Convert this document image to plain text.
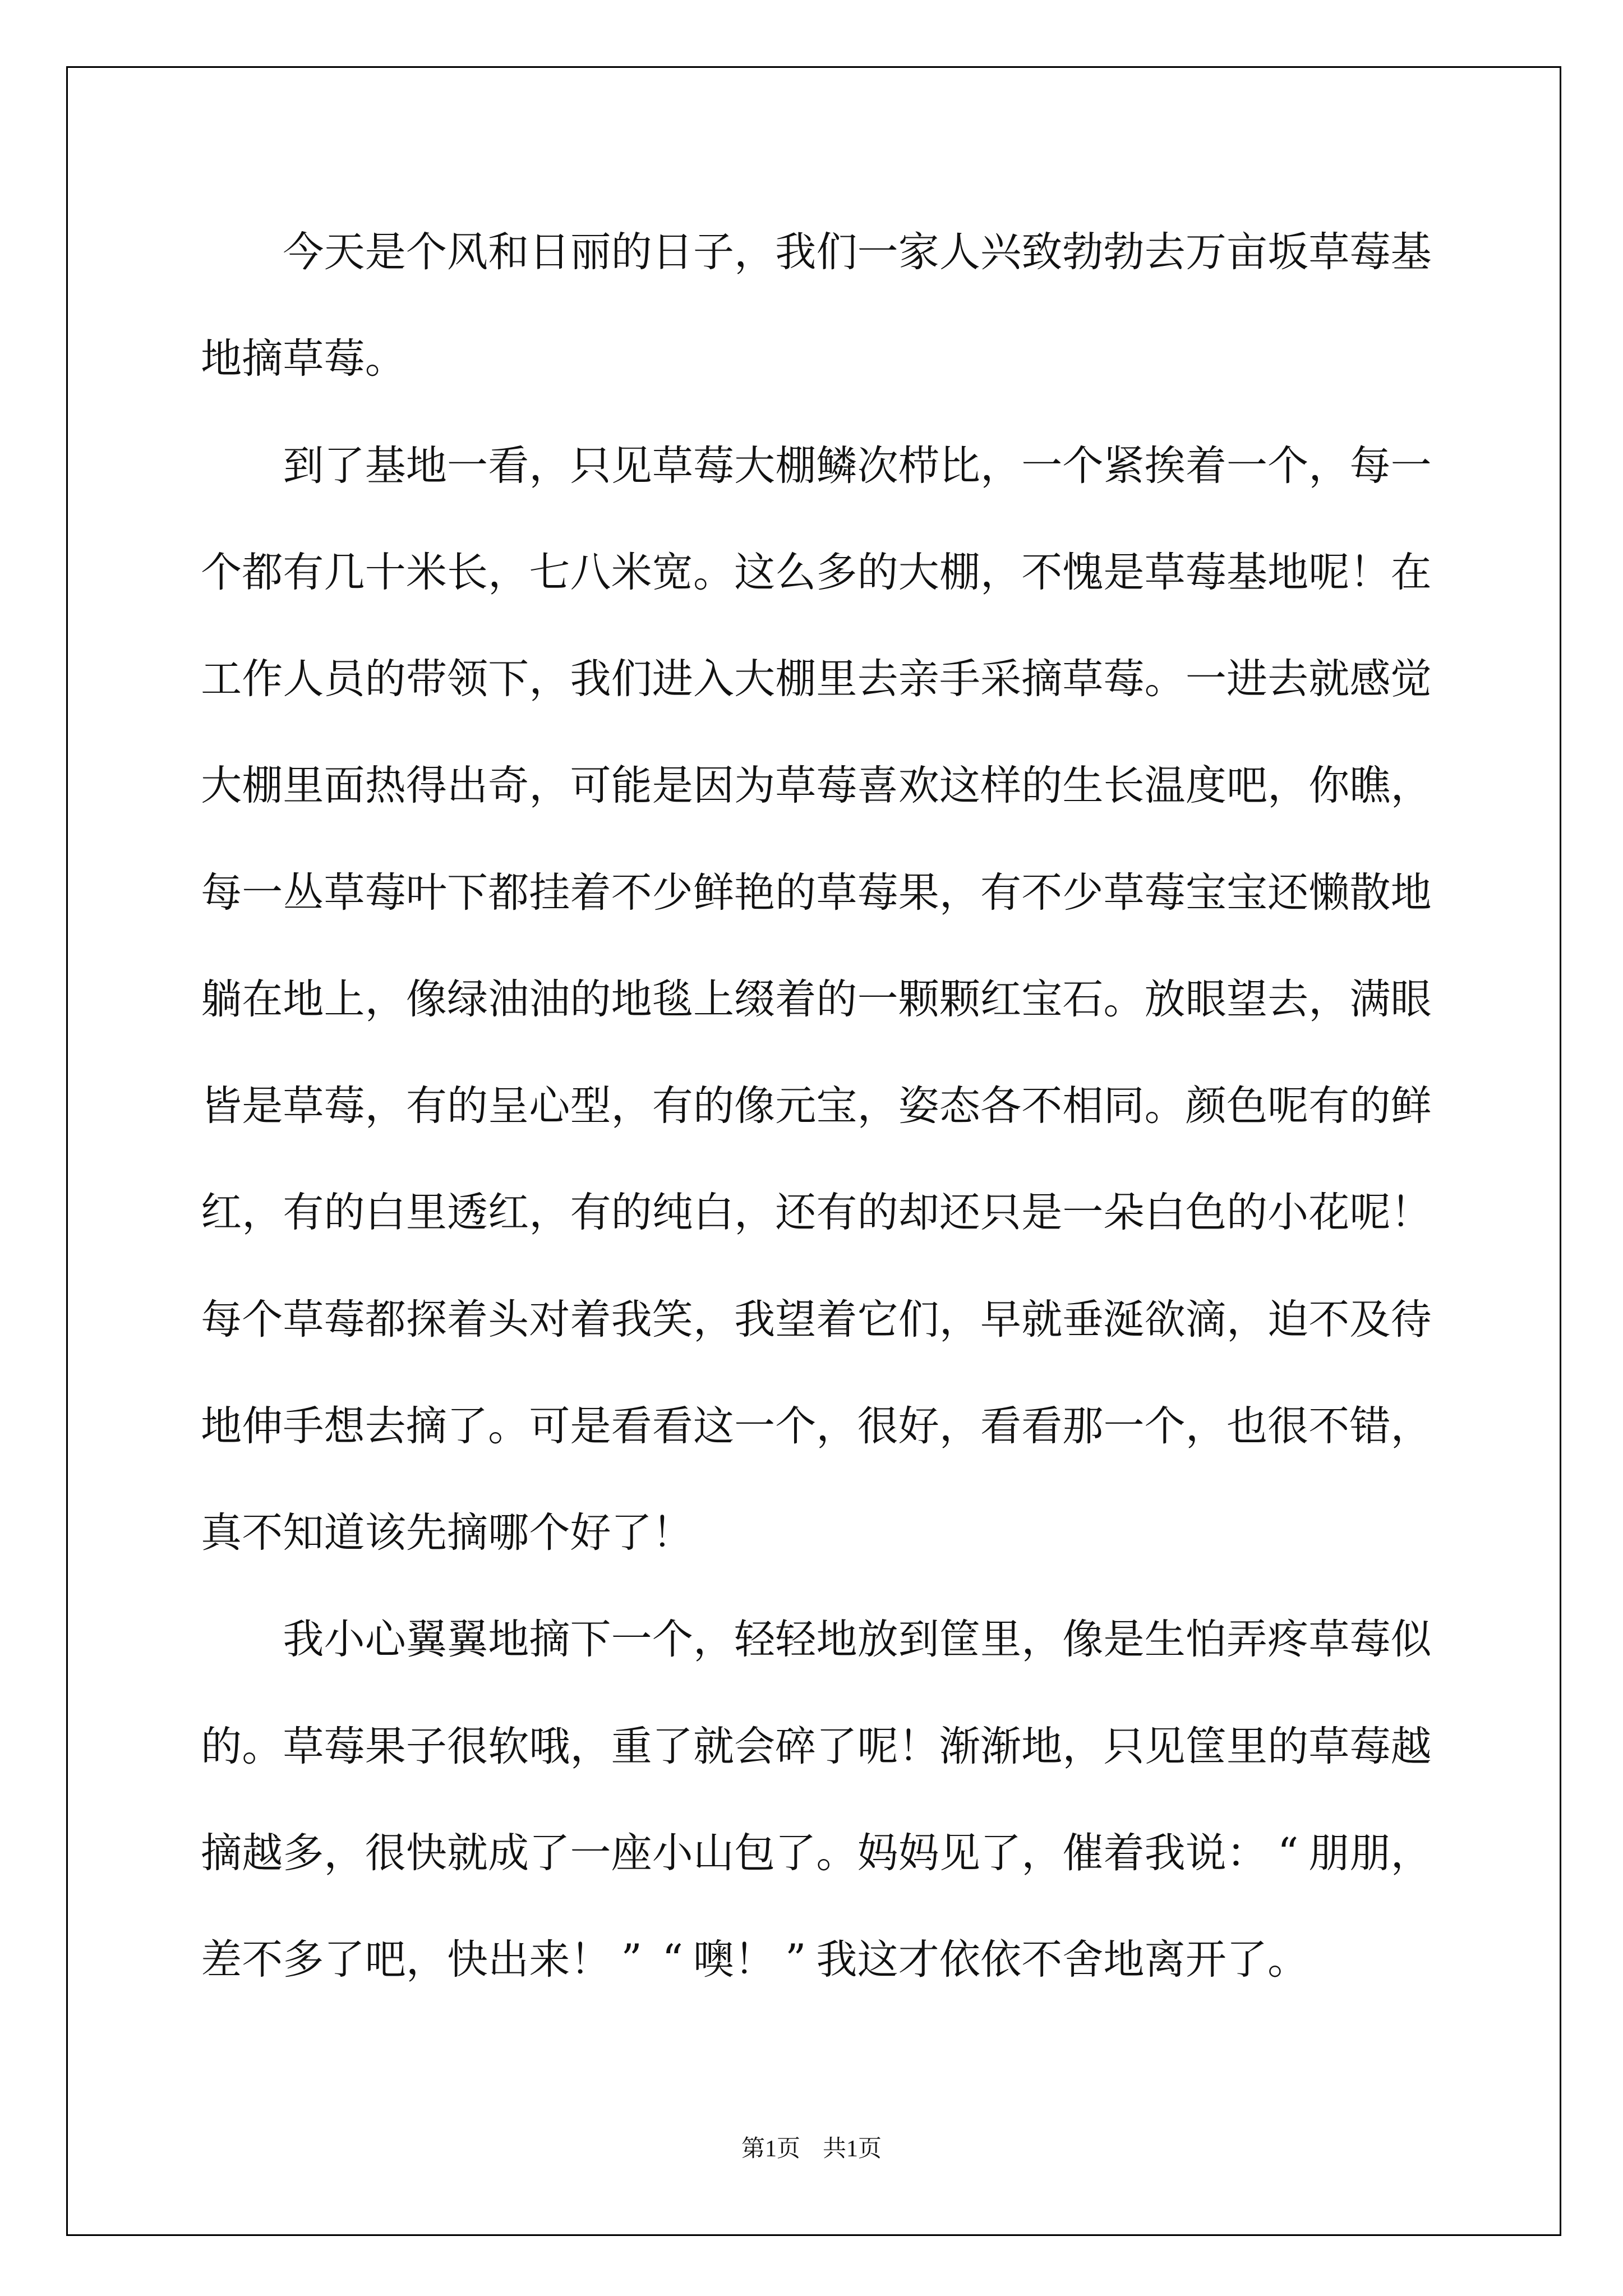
今天是个风和日丽的日子，我们一家人兴致勃勃去万亩坂草莓基
地摘草莓。
到了基地一看，只见草莓大棚鳞次栉比，一个紧挨着一个，每一
个都有几十米长，七八米宽。这么多的大棚，不愧是草莓基地呢！在
工作人员的带领下，我们进入大棚里去亲手采摘草莓。一进去就感觉
大棚里面热得出奇，可能是因为草莓喜欢这样的生长温度吧，你瞧，
每一丛草莓叶下都挂着不少鲜艳的草莓果，有不少草莓宝宝还懒散地
躺在地上，像绿油油的地毯上缀着的一颗颗红宝石。放眼望去，满眼
皆是草莓，有的呈心型，有的像元宝，姿态各不相同。颜色呢有的鲜
红，有的白里透红，有的纯白，还有的却还只是一朵白色的小花呢！
每个草莓都探着头对着我笑，我望着它们，早就垂涎欲滴，迫不及待
地伸手想去摘了。可是看看这一个，很好，看看那一个，也很不错，
真不知道该先摘哪个好了！
我小心翼翼地摘下一个，轻轻地放到筐里，像是生怕弄疼草莓似
的。草莓果子很软哦，重了就会碎了呢！渐渐地，只见筐里的草莓越
摘越多，很快就成了一座小山包了。妈妈见了，催着我说： “ 朋朋，
差不多了吧，快出来！ ” “ 噢！ ” 我这才依依不舍地离开了。
第1页 共1页
